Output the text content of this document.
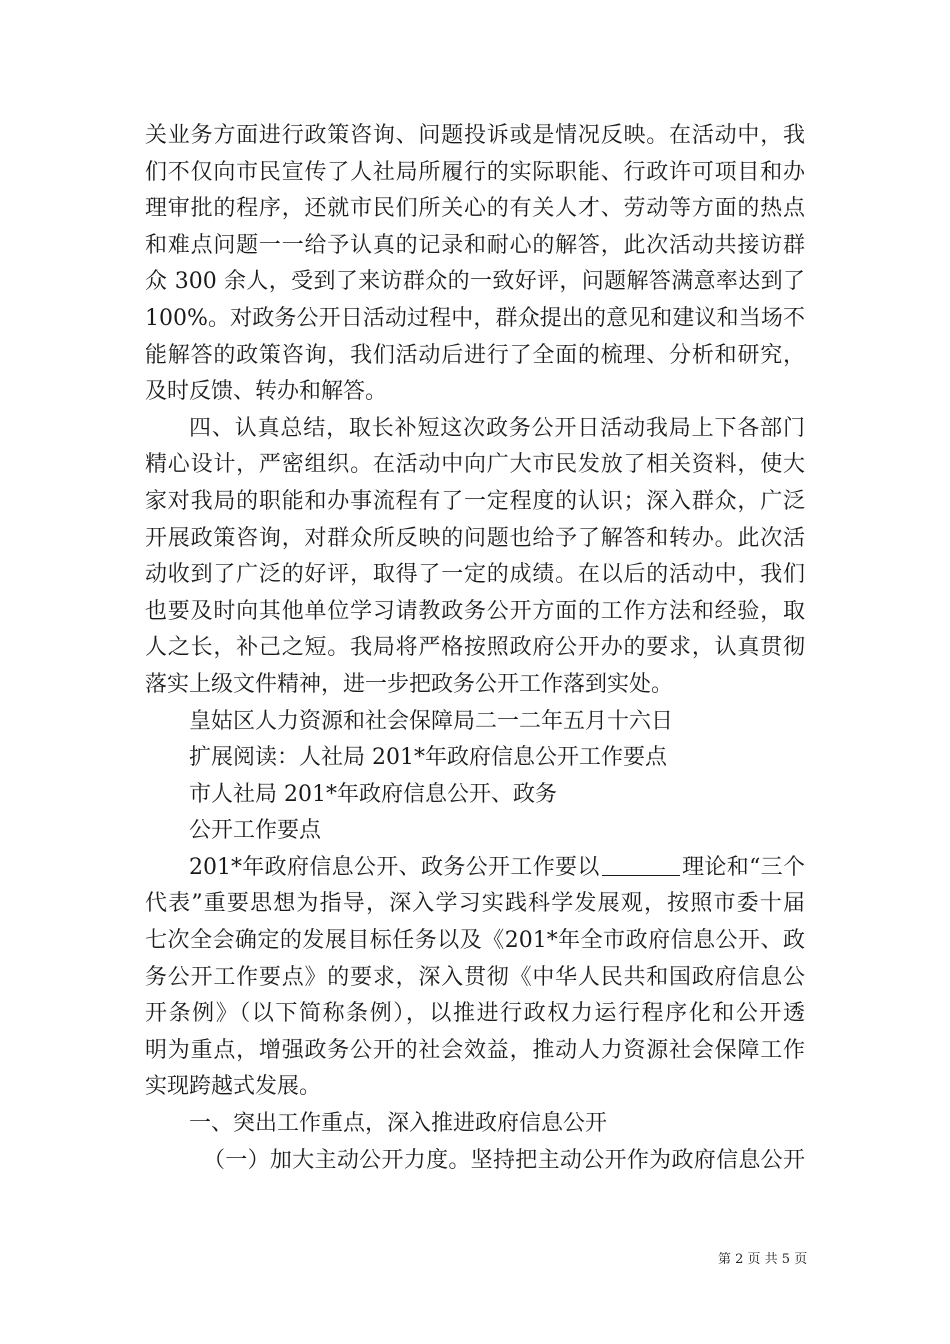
关业务方面进行政策咨询、问题投诉或是情况反映。在活动中，我
们不仅向市民宣传了人社局所履行的实际职能、行政许可项目和办
理审批的程序，还就市民们所关心的有关人才、劳动等方面的热点
和难点问题一一给予认真的记录和耐心的解答，此次活动共接访群
众 300 余人，受到了来访群众的一致好评，问题解答满意率达到了
100%。对政务公开日活动过程中，群众提出的意见和建议和当场不
能解答的政策咨询，我们活动后进行了全面的梳理、分析和研究，
及时反馈、转办和解答。
四、认真总结，取长补短这次政务公开日活动我局上下各部门
精心设计，严密组织。在活动中向广大市民发放了相关资料，使大
家对我局的职能和办事流程有了一定程度的认识；深入群众，广泛
开展政策咨询，对群众所反映的问题也给予了解答和转办。此次活
动收到了广泛的好评，取得了一定的成绩。在以后的活动中，我们
也要及时向其他单位学习请教政务公开方面的工作方法和经验，取
人之长，补己之短。我局将严格按照政府公开办的要求，认真贯彻
落实上级文件精神，进一步把政务公开工作落到实处。
皇姑区人力资源和社会保障局二一二年五月十六日
扩展阅读：人社局 201*年政府信息公开工作要点
市人社局 201*年政府信息公开、政务
公开工作要点
201*年政府信息公开、政务公开工作要以	理论和“三个
代表”重要思想为指导，深入学习实践科学发展观，按照市委十届
七次全会确定的发展目标任务以及《201*年全市政府信息公开、政
务公开工作要点》的要求，深入贯彻《中华人民共和国政府信息公
开条例》（以下简称条例），以推进行政权力运行程序化和公开透
明为重点，增强政务公开的社会效益，推动人力资源社会保障工作
实现跨越式发展。
一、突出工作重点，深入推进政府信息公开
（一）加大主动公开力度。坚持把主动公开作为政府信息公开
第 2 页 共 5 页
